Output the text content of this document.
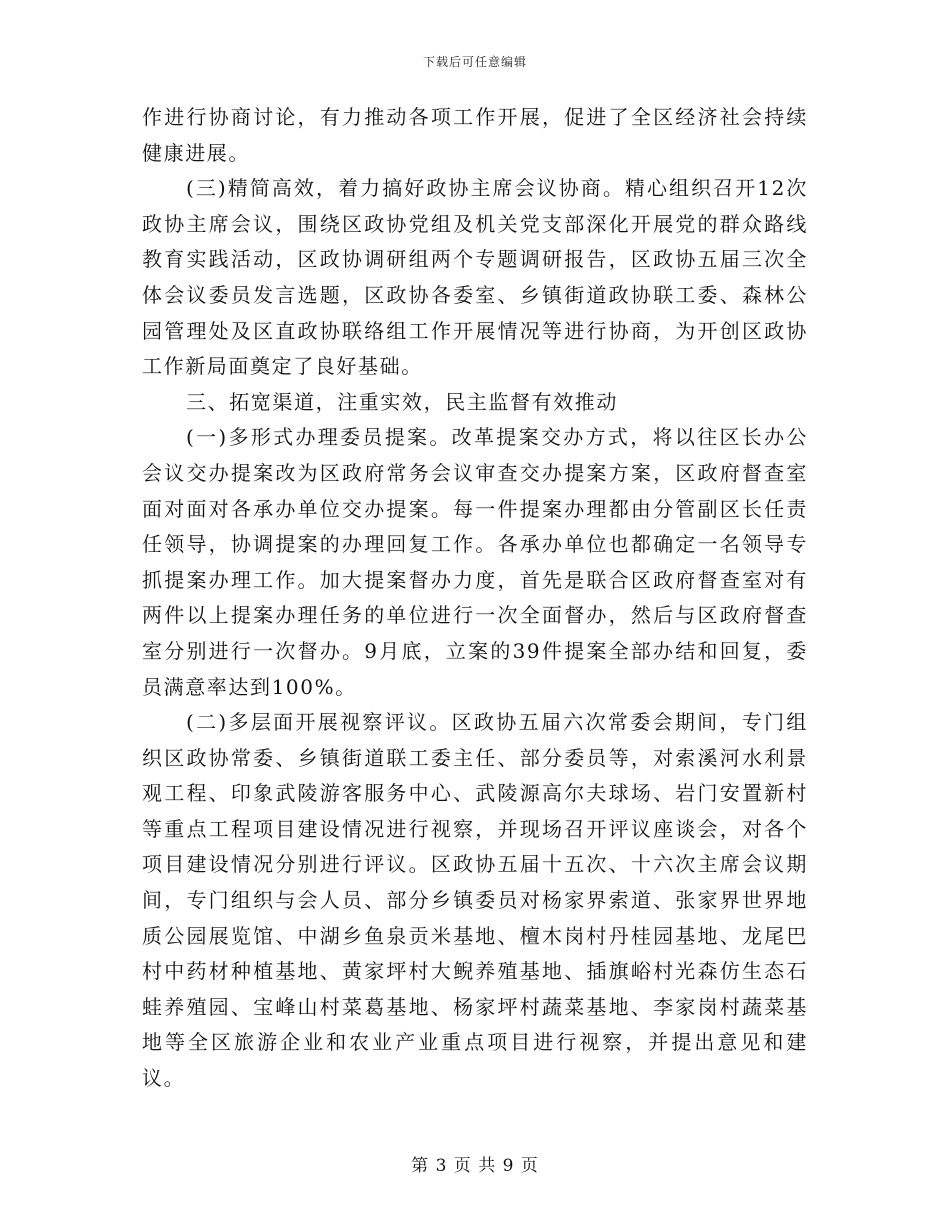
下载后可任意编辑

作进行协商讨论，有力推动各项工作开展，促进了全区经济社会持续健康进展。

(三)精简高效，着力搞好政协主席会议协商。精心组织召开12次政协主席会议，围绕区政协党组及机关党支部深化开展党的群众路线教育实践活动，区政协调研组两个专题调研报告，区政协五届三次全体会议委员发言选题，区政协各委室、乡镇街道政协联工委、森林公园管理处及区直政协联络组工作开展情况等进行协商，为开创区政协工作新局面奠定了良好基础。

三、拓宽渠道，注重实效，民主监督有效推动

(一)多形式办理委员提案。改革提案交办方式，将以往区长办公会议交办提案改为区政府常务会议审查交办提案方案，区政府督查室面对面对各承办单位交办提案。每一件提案办理都由分管副区长任责任领导，协调提案的办理回复工作。各承办单位也都确定一名领导专抓提案办理工作。加大提案督办力度，首先是联合区政府督查室对有两件以上提案办理任务的单位进行一次全面督办，然后与区政府督查室分别进行一次督办。9月底，立案的39件提案全部办结和回复，委员满意率达到100%。

(二)多层面开展视察评议。区政协五届六次常委会期间，专门组织区政协常委、乡镇街道联工委主任、部分委员等，对索溪河水利景观工程、印象武陵游客服务中心、武陵源高尔夫球场、岩门安置新村等重点工程项目建设情况进行视察，并现场召开评议座谈会，对各个项目建设情况分别进行评议。区政协五届十五次、十六次主席会议期间，专门组织与会人员、部分乡镇委员对杨家界索道、张家界世界地质公园展览馆、中湖乡鱼泉贡米基地、檀木岗村丹桂园基地、龙尾巴村中药材种植基地、黄家坪村大鲵养殖基地、插旗峪村光森仿生态石蛙养殖园、宝峰山村菜葛基地、杨家坪村蔬菜基地、李家岗村蔬菜基地等全区旅游企业和农业产业重点项目进行视察，并提出意见和建议。

第 3 页 共 9 页
